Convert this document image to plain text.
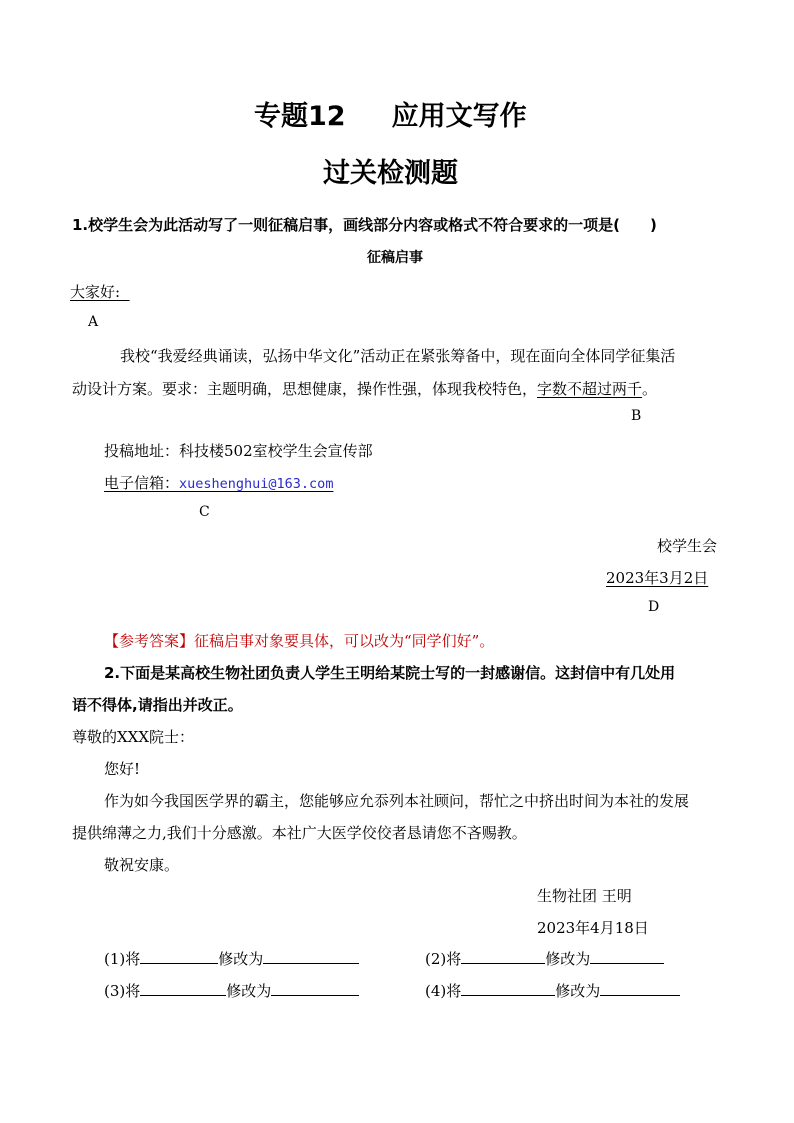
专题12 应用文写作
过关检测题
1.校学生会为此活动写了一则征稿启事，画线部分内容或格式不符合要求的一项是(　　)
征稿启事
大家好:
A
我校“我爱经典诵读，弘扬中华文化”活动正在紧张筹备中，现在面向全体同学征集活
动设计方案。要求：主题明确，思想健康，操作性强，体现我校特色，字数不超过两千。
B
投稿地址：科技楼502室校学生会宣传部
电子信箱：xueshenghui@163.com
C
校学生会
2023年3月2日
D
【参考答案】征稿启事对象要具体，可以改为“同学们好”。
2.下面是某高校生物社团负责人学生王明给某院士写的一封感谢信。这封信中有几处用
语不得体,请指出并改正。
尊敬的XXX院士：
您好!
作为如今我国医学界的霸主，您能够应允忝列本社顾问，帮忙之中挤出时间为本社的发展
提供绵薄之力,我们十分感激。本社广大医学佼佼者恳请您不吝赐教。
敬祝安康。
生物社团 王明
2023年4月18日
(1)将	修改为	(2)将	修改为
(3)将	修改为	(4)将	修改为
